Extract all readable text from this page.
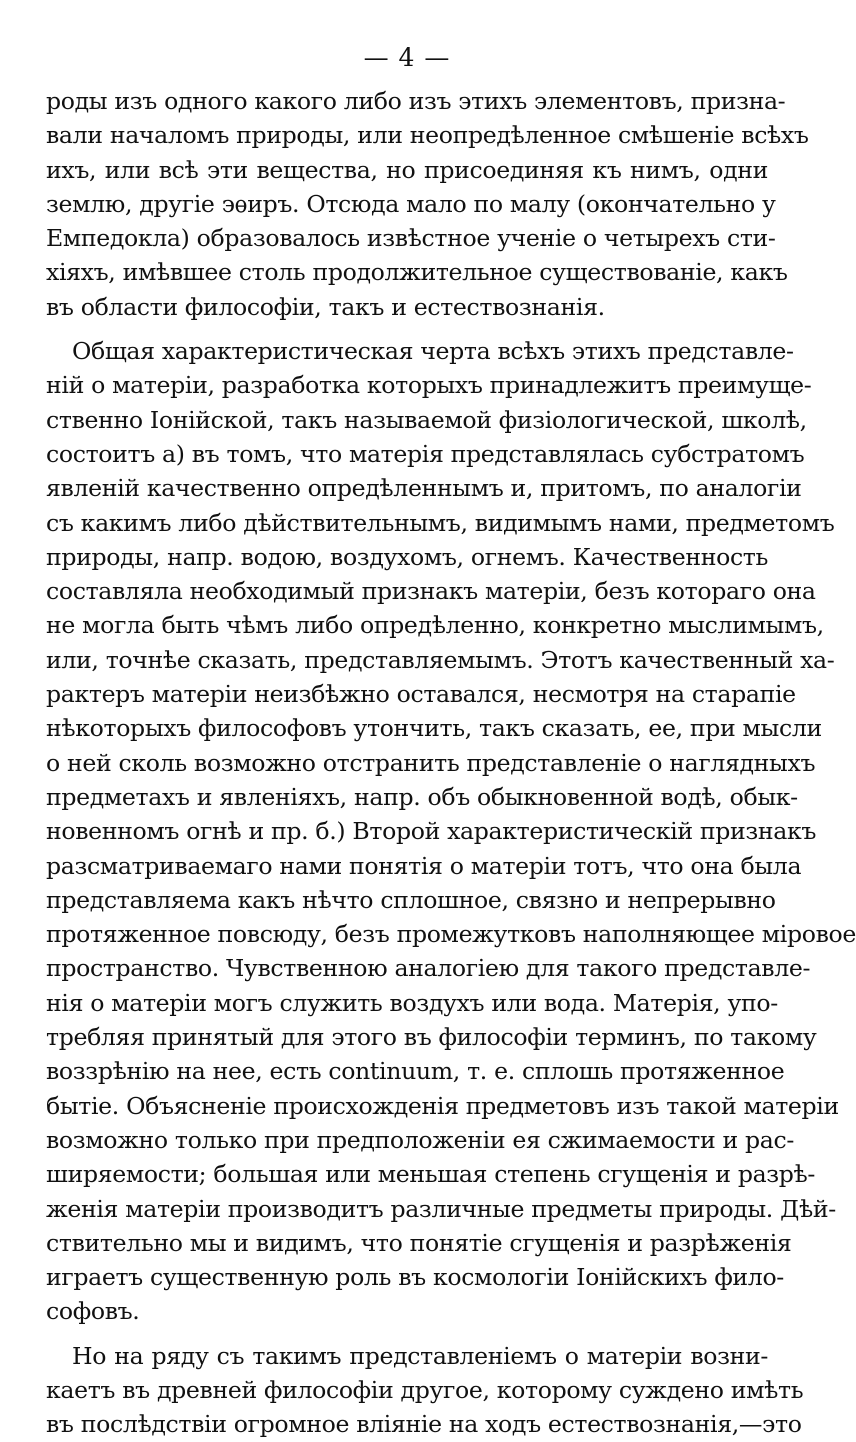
— 4 —
роды изъ одного какого либо изъ этихъ элементовъ, призна-
вали началомъ природы, или неопредѣленное смѣшеніе всѣхъ
ихъ, или всѣ эти вещества, но присоединяя къ нимъ, одни
землю, другіе эѳиръ. Отсюда мало по малу (окончательно у
Емпедокла) образовалось извѣстное ученіе о четырехъ сти-
хіяхъ, имѣвшее столь продолжительное существованіе, какъ
въ области философіи, такъ и естествознанія.
Общая характеристическая черта всѣхъ этихъ представле-
ній о матеріи, разработка которыхъ принадлежитъ преимуще-
ственно Іонійской, такъ называемой физіологической, школѣ,
состоитъ а) въ томъ, что матерія представлялась субстратомъ
явленій качественно опредѣленнымъ и, притомъ, по аналогіи
съ какимъ либо дѣйствительнымъ, видимымъ нами, предметомъ
природы, напр. водою, воздухомъ, огнемъ. Качественность
составляла необходимый признакъ матеріи, безъ котораго она
не могла быть чѣмъ либо опредѣленно, конкретно мыслимымъ,
или, точнѣе сказать, представляемымъ. Этотъ качественный ха-
рактеръ матеріи неизбѣжно оставался, несмотря на старапіе
нѣкоторыхъ философовъ утончить, такъ сказать, ее, при мысли
о ней сколь возможно отстранить представленіе о наглядныхъ
предметахъ и явленіяхъ, напр. объ обыкновенной водѣ, обык-
новенномъ огнѣ и пр. б.) Второй характеристическій признакъ
разсматриваемаго нами понятія о матеріи тотъ, что она была
представляема какъ нѣчто сплошное, связно и непрерывно
протяженное повсюду, безъ промежутковъ наполняющее міровое
пространство. Чувственною аналогіею для такого представле-
нія о матеріи могъ служить воздухъ или вода. Матерія, упо-
требляя принятый для этого въ философіи терминъ, по такому
воззрѣнію на нее, есть continuum, т. е. сплошь протяженное
бытіе. Объясненіе происхожденія предметовъ изъ такой матеріи
возможно только при предположеніи ея сжимаемости и рас-
ширяемости; большая или меньшая степень сгущенія и разрѣ-
женія матеріи производитъ различные предметы природы. Дѣй-
ствительно мы и видимъ, что понятіе сгущенія и разрѣженія
играетъ существенную роль въ космологіи Іонійскихъ фило-
софовъ.
Но на ряду съ такимъ представленіемъ о матеріи возни-
каетъ въ древней философіи другое, которому суждено имѣть
въ послѣдствіи огромное вліяніе на ходъ естествознанія,—это
